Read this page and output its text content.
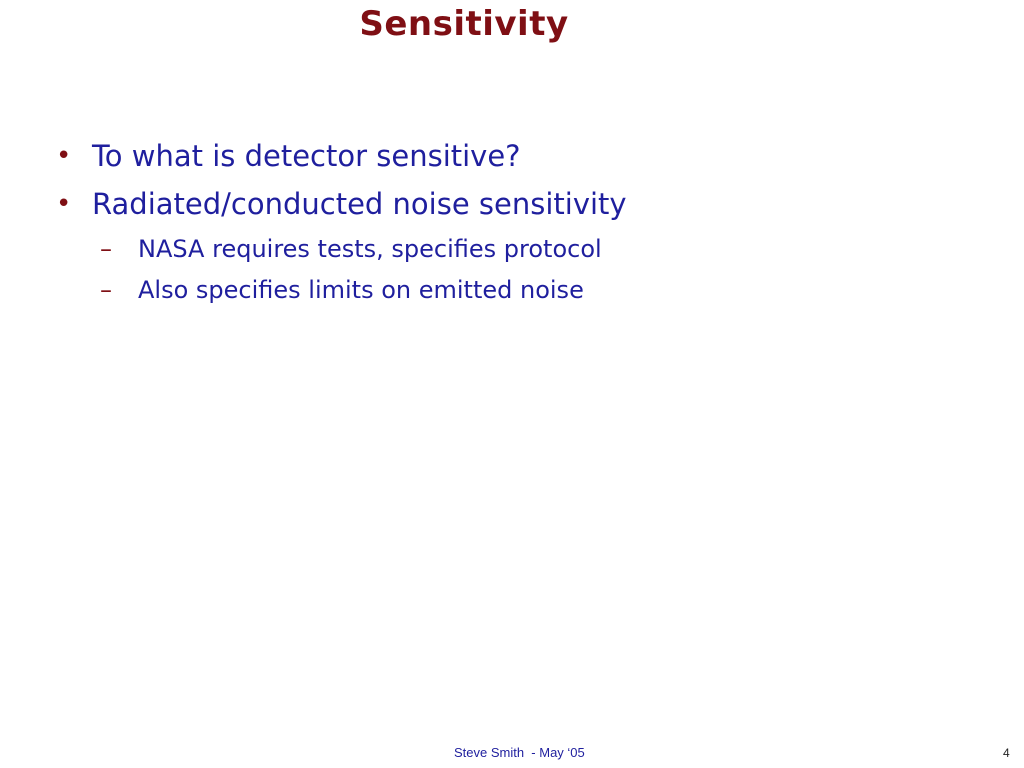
Sensitivity
• To what is detector sensitive?
• Radiated/conducted noise sensitivity
– NASA requires tests, specifies protocol
– Also specifies limits on emitted noise
Steve Smith  - May ‘05	4
